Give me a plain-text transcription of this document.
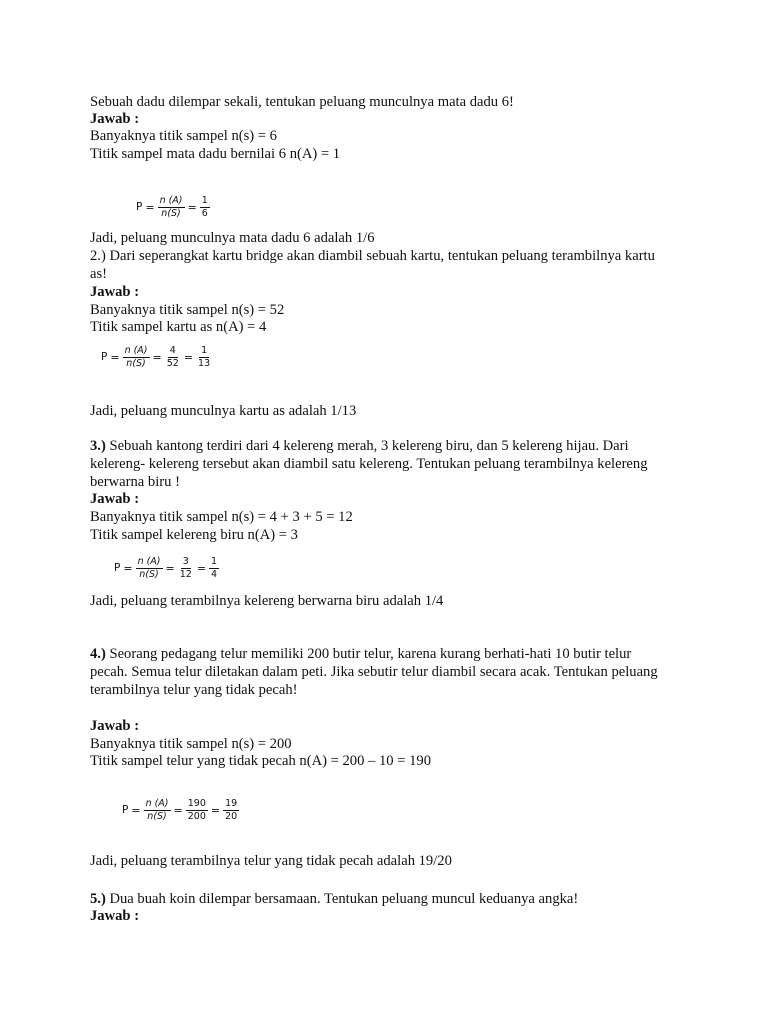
Sebuah dadu dilempar sekali, tentukan peluang munculnya mata dadu 6!
Jawab :
Banyaknya titik sampel n(s) = 6
Titik sampel mata dadu bernilai 6 n(A) = 1
$P = \frac{n (A)}{n(S)} = \frac{1}{6}$
Jadi, peluang munculnya mata dadu 6 adalah 1/6
2.) Dari seperangkat kartu bridge akan diambil sebuah kartu, tentukan peluang terambilnya kartu
as!
Jawab :
Banyaknya titik sampel n(s) = 52
Titik sampel kartu as n(A) = 4
$P = \frac{n (A)}{n(S)} = \frac{4}{52} = \frac{1}{13}$
Jadi, peluang munculnya kartu as adalah 1/13
3.) Sebuah kantong terdiri dari 4 kelereng merah, 3 kelereng biru, dan 5 kelereng hijau. Dari
kelereng- kelereng tersebut akan diambil satu kelereng. Tentukan peluang terambilnya kelereng
berwarna biru !
Jawab :
Banyaknya titik sampel n(s) = 4 + 3 + 5 = 12
Titik sampel kelereng biru n(A) = 3
$P = \frac{n (A)}{n(S)} = \frac{3}{12} = \frac{1}{4}$
Jadi, peluang terambilnya kelereng berwarna biru adalah 1/4
4.) Seorang pedagang telur memiliki 200 butir telur, karena kurang berhati-hati 10 butir telur
pecah. Semua telur diletakan dalam peti. Jika sebutir telur diambil secara acak. Tentukan peluang
terambilnya telur yang tidak pecah!
Jawab :
Banyaknya titik sampel n(s) = 200
Titik sampel telur yang tidak pecah n(A) = 200 – 10 = 190
$P = \frac{n (A)}{n(S)} = \frac{190}{200} = \frac{19}{20}$
Jadi, peluang terambilnya telur yang tidak pecah adalah 19/20
5.) Dua buah koin dilempar bersamaan. Tentukan peluang muncul keduanya angka!
Jawab :
